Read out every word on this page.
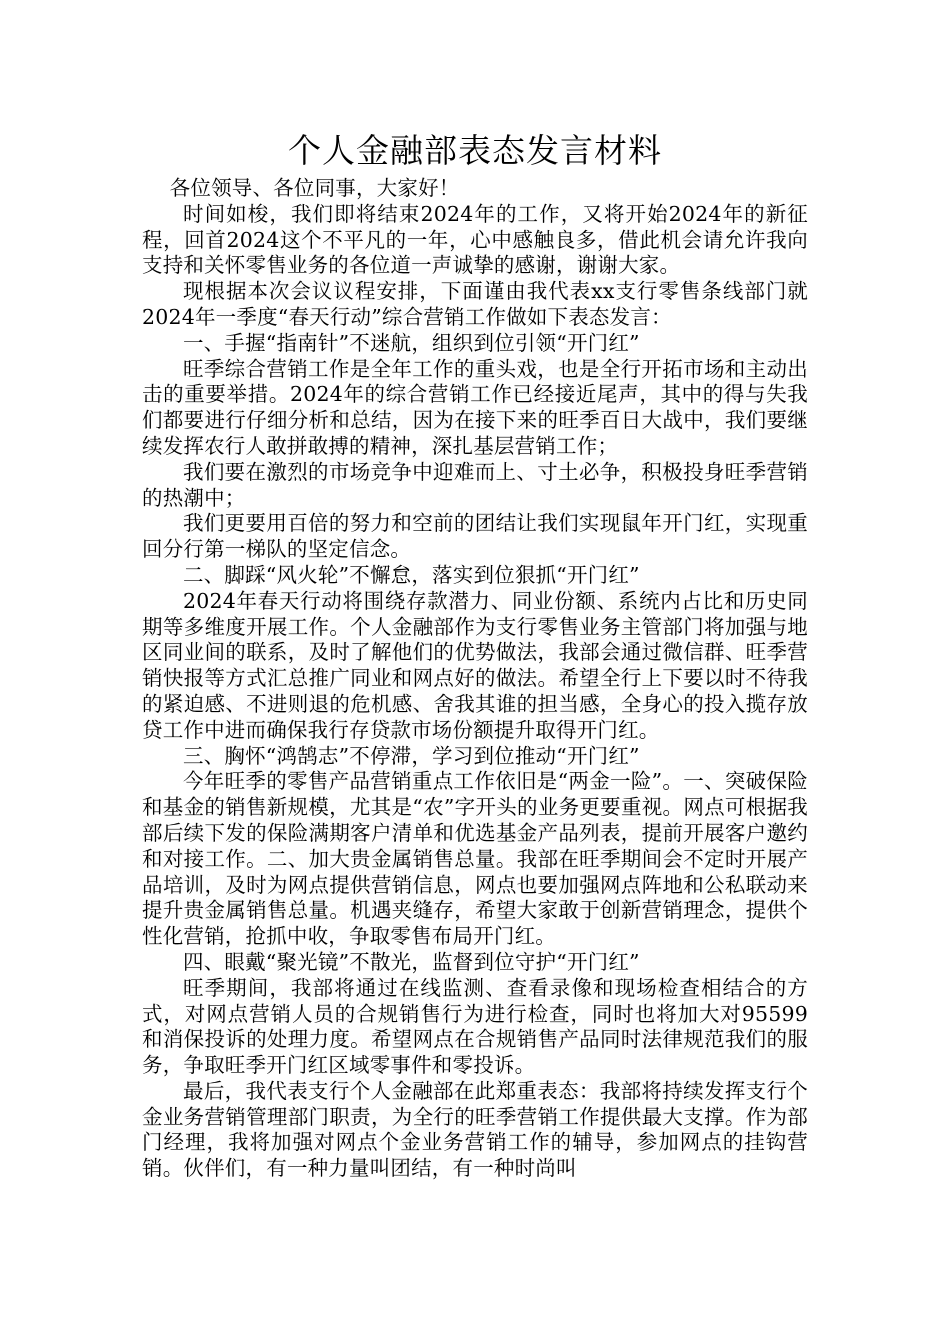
个人金融部表态发言材料

各位领导、各位同事，大家好！

时间如梭，我们即将结束2024年的工作，又将开始2024年的新征程，回首2024这个不平凡的一年，心中感触良多，借此机会请允许我向支持和关怀零售业务的各位道一声诚挚的感谢，谢谢大家。

现根据本次会议议程安排，下面谨由我代表xx支行零售条线部门就2024年一季度“春天行动”综合营销工作做如下表态发言：

一、手握“指南针”不迷航，组织到位引领“开门红”

旺季综合营销工作是全年工作的重头戏，也是全行开拓市场和主动出击的重要举措。2024年的综合营销工作已经接近尾声，其中的得与失我们都要进行仔细分析和总结，因为在接下来的旺季百日大战中，我们要继续发挥农行人敢拼敢搏的精神，深扎基层营销工作；

我们要在激烈的市场竞争中迎难而上、寸土必争，积极投身旺季营销的热潮中；

我们更要用百倍的努力和空前的团结让我们实现鼠年开门红，实现重回分行第一梯队的坚定信念。

二、脚踩“风火轮”不懈怠，落实到位狠抓“开门红”

2024年春天行动将围绕存款潜力、同业份额、系统内占比和历史同期等多维度开展工作。个人金融部作为支行零售业务主管部门将加强与地区同业间的联系，及时了解他们的优势做法，我部会通过微信群、旺季营销快报等方式汇总推广同业和网点好的做法。希望全行上下要以时不待我的紧迫感、不进则退的危机感、舍我其谁的担当感，全身心的投入揽存放贷工作中进而确保我行存贷款市场份额提升取得开门红。

三、胸怀“鸿鹄志”不停滞，学习到位推动“开门红”

今年旺季的零售产品营销重点工作依旧是“两金一险”。一、突破保险和基金的销售新规模，尤其是“农”字开头的业务更要重视。网点可根据我部后续下发的保险满期客户清单和优选基金产品列表，提前开展客户邀约和对接工作。二、加大贵金属销售总量。我部在旺季期间会不定时开展产品培训，及时为网点提供营销信息，网点也要加强网点阵地和公私联动来提升贵金属销售总量。机遇夹缝存，希望大家敢于创新营销理念，提供个性化营销，抢抓中收，争取零售布局开门红。

四、眼戴“聚光镜”不散光，监督到位守护“开门红”

旺季期间，我部将通过在线监测、查看录像和现场检查相结合的方式，对网点营销人员的合规销售行为进行检查，同时也将加大对95599和消保投诉的处理力度。希望网点在合规销售产品同时法律规范我们的服务，争取旺季开门红区域零事件和零投诉。

最后，我代表支行个人金融部在此郑重表态：我部将持续发挥支行个金业务营销管理部门职责，为全行的旺季营销工作提供最大支撑。作为部门经理，我将加强对网点个金业务营销工作的辅导，参加网点的挂钩营销。伙伴们，有一种力量叫团结，有一种时尚叫
